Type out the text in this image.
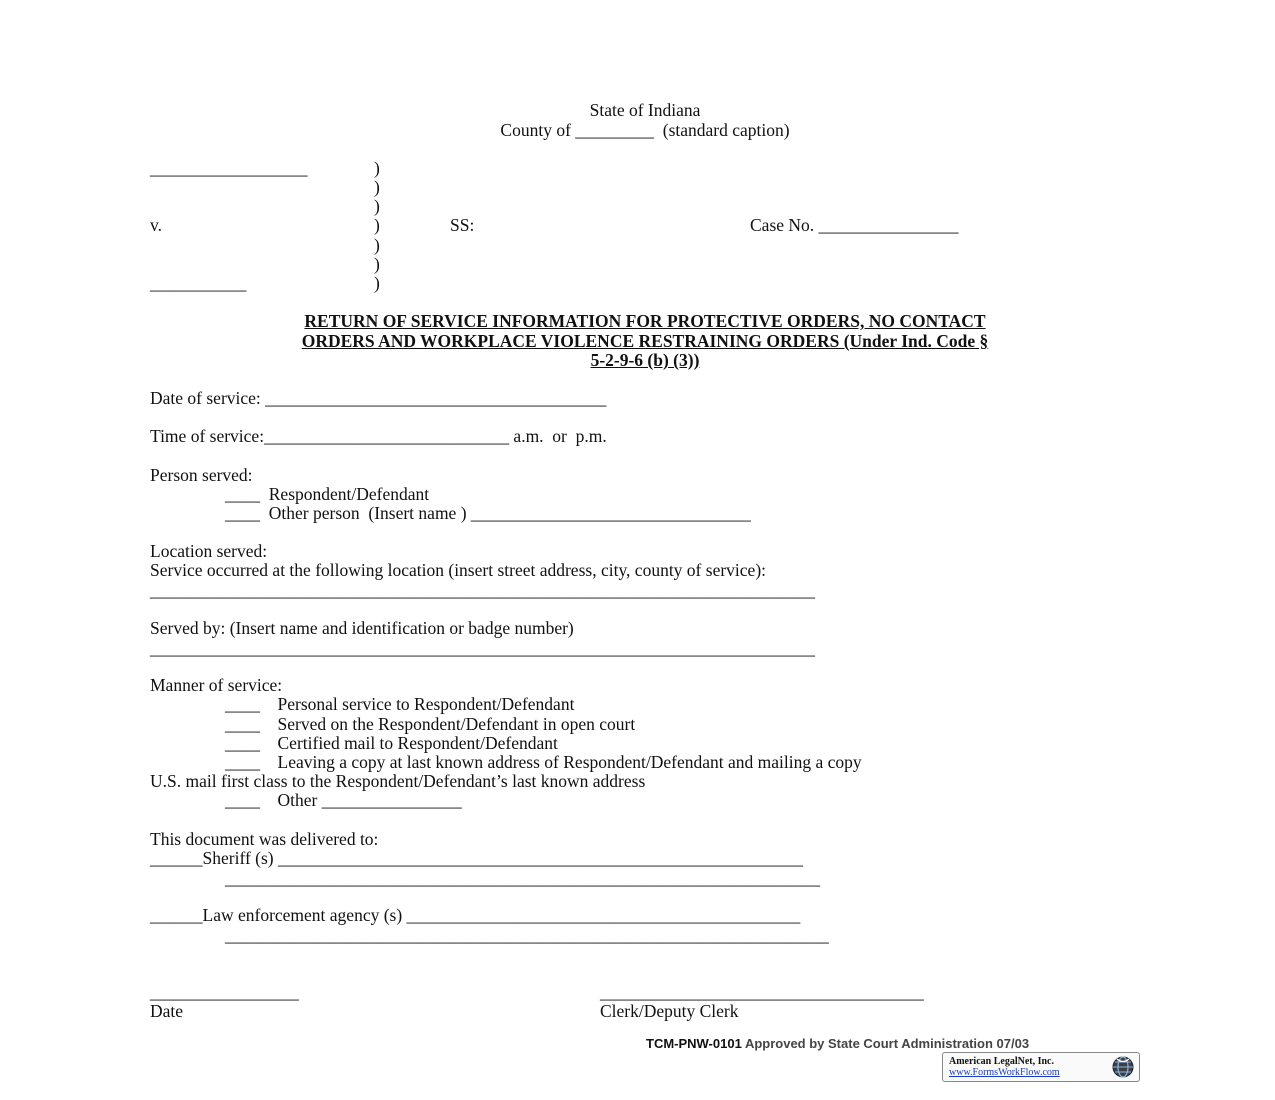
State of Indiana
County of _________  (standard caption)
__________________	)
)
)
v.	)	SS:	Case No. ________________
)
)
___________	)
RETURN OF SERVICE INFORMATION FOR PROTECTIVE ORDERS, NO CONTACT
ORDERS AND WORKPLACE VIOLENCE RESTRAINING ORDERS (Under Ind. Code §
5-2-9-6 (b) (3))
Date of service: _______________________________________
Time of service:____________________________ a.m.  or  p.m.
Person served:
____  Respondent/Defendant
____  Other person  (Insert name ) ________________________________
Location served:
Service occurred at the following location (insert street address, city, county of service):
____________________________________________________________________________
Served by: (Insert name and identification or badge number)
____________________________________________________________________________
Manner of service:
____    Personal service to Respondent/Defendant
____    Served on the Respondent/Defendant in open court
____    Certified mail to Respondent/Defendant
____    Leaving a copy at last known address of Respondent/Defendant and mailing a copy
U.S. mail first class to the Respondent/Defendant’s last known address
____    Other ________________
This document was delivered to:
______Sheriff (s) ____________________________________________________________
____________________________________________________________________
______Law enforcement agency (s) _____________________________________________
_____________________________________________________________________
_________________
Date
_____________________________________
Clerk/Deputy Clerk
TCM-PNW-0101 Approved by State Court Administration 07/03
American LegalNet, Inc.
www.FormsWorkFlow.com
